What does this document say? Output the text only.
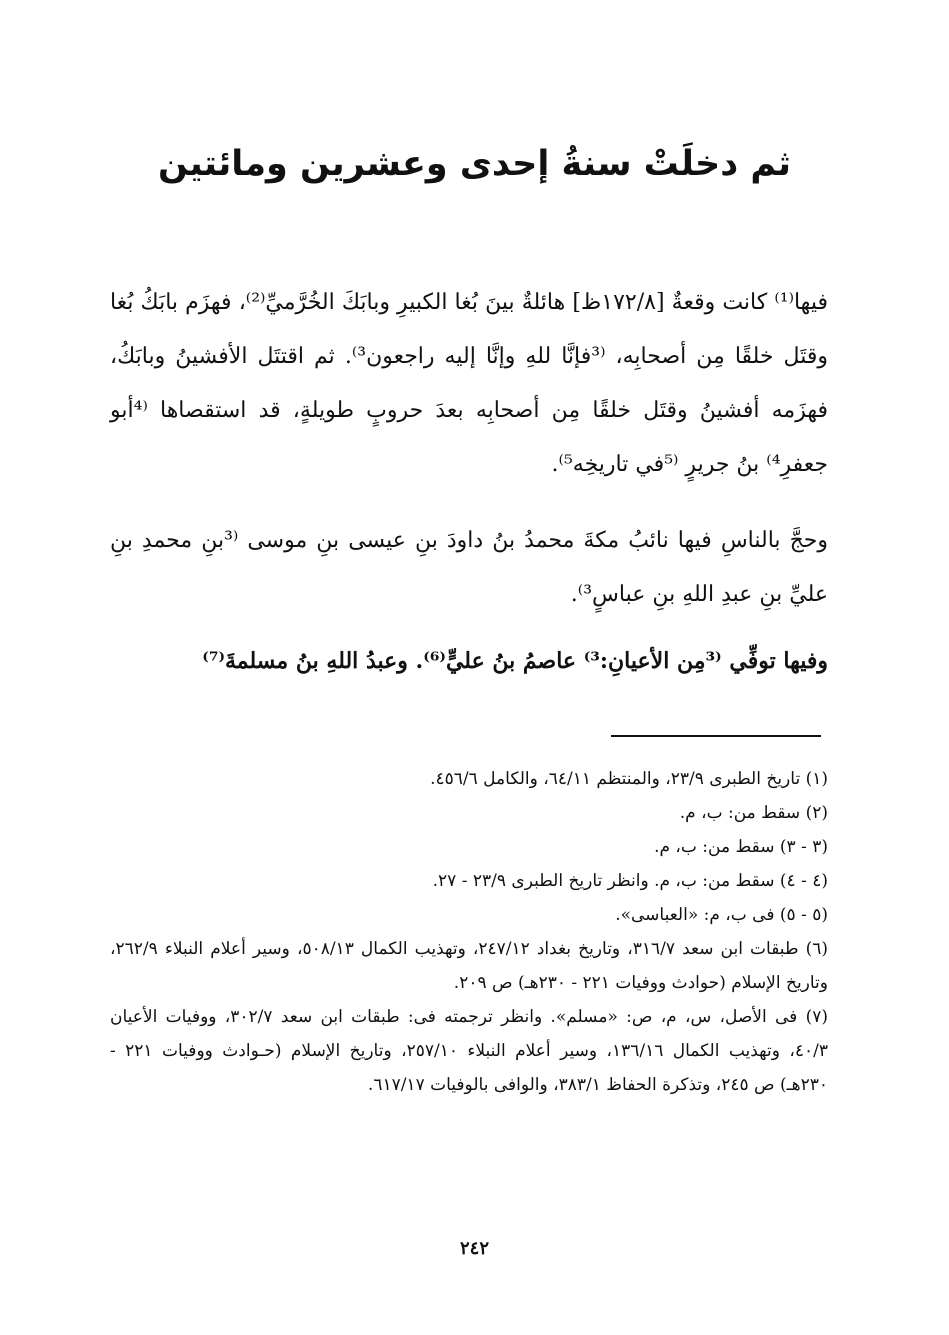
ثم دخلَتْ سنةُ إحدى وعشرين ومائتين

فيها⁽¹⁾ كانت وقعةٌ [١٧٢/٨ظ] هائلةٌ بينَ بُغا الكبيرِ وبابَكَ الخُرَّميِّ⁽²⁾، فهزَم بابَكُ بُغا وقتَل خلقًا مِن أصحابِه، ⁽³فإنَّا للهِ وإنَّا إليه راجعون³⁾. ثم اقتتَل الأفشينُ وبابَكُ، فهزَمه أفشينُ وقتَل خلقًا مِن أصحابِه بعدَ حروبٍ طويلةٍ، قد استقصاها ⁽⁴أبو جعفرِ⁴⁾ بنُ جريرٍ ⁽⁵في تاريخِه⁵⁾.

وحجَّ بالناسِ فيها نائبُ مكةَ محمدُ بنُ داودَ بنِ عيسى بنِ موسى ⁽³بنِ محمدِ بنِ عليِّ بنِ عبدِ اللهِ بنِ عباسٍ³⁾.

وفيها توفِّي ⁽³مِن الأعيانِ:³⁾ عاصمُ بنُ عليٍّ⁽⁶⁾. وعبدُ اللهِ بنُ مسلمةَ⁽⁷⁾

(١) تاريخ الطبرى ٢٣/٩، والمنتظم ٦٤/١١، والكامل ٤٥٦/٦.

(٢) سقط من: ب، م.

(٣ - ٣) سقط من: ب، م.

(٤ - ٤) سقط من: ب، م. وانظر تاريخ الطبرى ٢٣/٩ - ٢٧.

(٥ - ٥) فى ب، م: «العباسى».

(٦) طبقات ابن سعد ٣١٦/٧، وتاريخ بغداد ٢٤٧/١٢، وتهذيب الكمال ٥٠٨/١٣، وسير أعلام النبلاء ٢٦٢/٩، وتاريخ الإسلام (حوادث ووفيات ٢٢١ - ٢٣٠هـ) ص ٢٠٩.

(٧) فى الأصل، س، م، ص: «مسلم». وانظر ترجمته فى: طبقات ابن سعد ٣٠٢/٧، ووفيات الأعيان ٤٠/٣، وتهذيب الكمال ١٣٦/١٦، وسير أعلام النبلاء ٢٥٧/١٠، وتاريخ الإسلام (حـوادث ووفيات ٢٢١ - ٢٣٠هـ) ص ٢٤٥، وتذكرة الحفاظ ٣٨٣/١، والوافى بالوفيات ٦١٧/١٧.

٢٤٢
